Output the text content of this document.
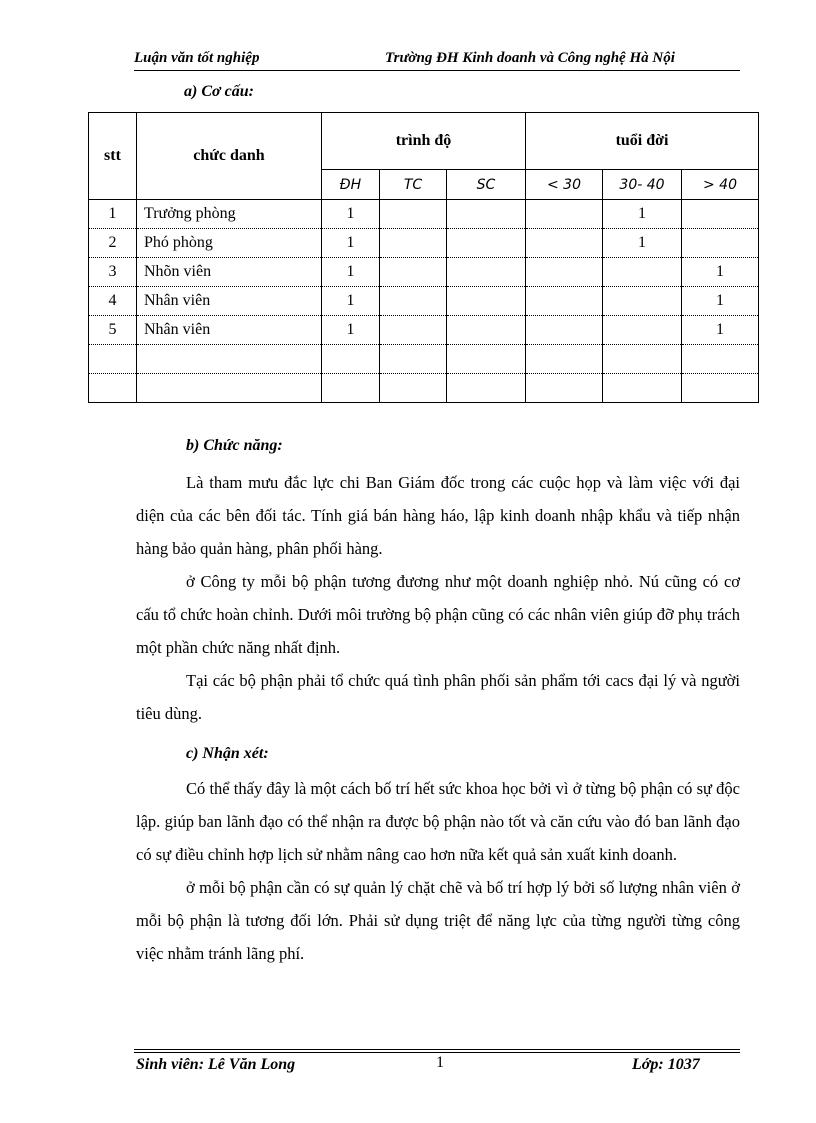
Luận văn tốt nghiệp	Trường ĐH Kinh doanh và Công nghệ Hà Nội
a) Cơ cấu:
stt	chức danh	trình độ			tuổi đời		
		ĐH	TC	SC	< 30	30- 40	> 40
1	Trưởng phòng	1				1	
2	Phó phòng	1				1	
3	Nhõn viên	1					1
4	Nhân viên	1					1
5	Nhân viên	1					1

b) Chức năng:

Là tham mưu đắc lực chi Ban Giám đốc trong các cuộc họp và làm việc với đại diện của các bên đối tác. Tính giá bán hàng háo, lập kinh doanh nhập khẩu và tiếp nhận hàng bảo quản hàng, phân phối hàng.

ở Công ty mỗi bộ phận tương đương như một doanh nghiệp nhỏ. Nú cũng có cơ cấu tổ chức hoàn chỉnh. Dưới môi trường bộ phận cũng có các nhân viên giúp đỡ phụ trách một phần chức năng nhất định.

Tại các bộ phận phải tổ chức quá tình phân phối sản phẩm tới cacs đại lý và người tiêu dùng.

c) Nhận xét:

Có thể thấy đây là một cách bố trí hết sức khoa học bởi vì ở từng bộ phận có sự độc lập. giúp ban lãnh đạo có thể nhận ra được bộ phận nào tốt và căn cứu vào đó ban lãnh đạo có sự điều chỉnh hợp lịch sử nhằm nâng cao hơn nữa kết quả sản xuất kinh doanh.

ở mỗi bộ phận cần có sự quản lý chặt chẽ và bố trí hợp lý bởi số lượng nhân viên ở mỗi bộ phận là tương đối lớn. Phải sử dụng triệt để năng lực của từng người từng công việc nhằm tránh lãng phí.

Sinh viên: Lê Văn Long	1	Lớp: 1037
